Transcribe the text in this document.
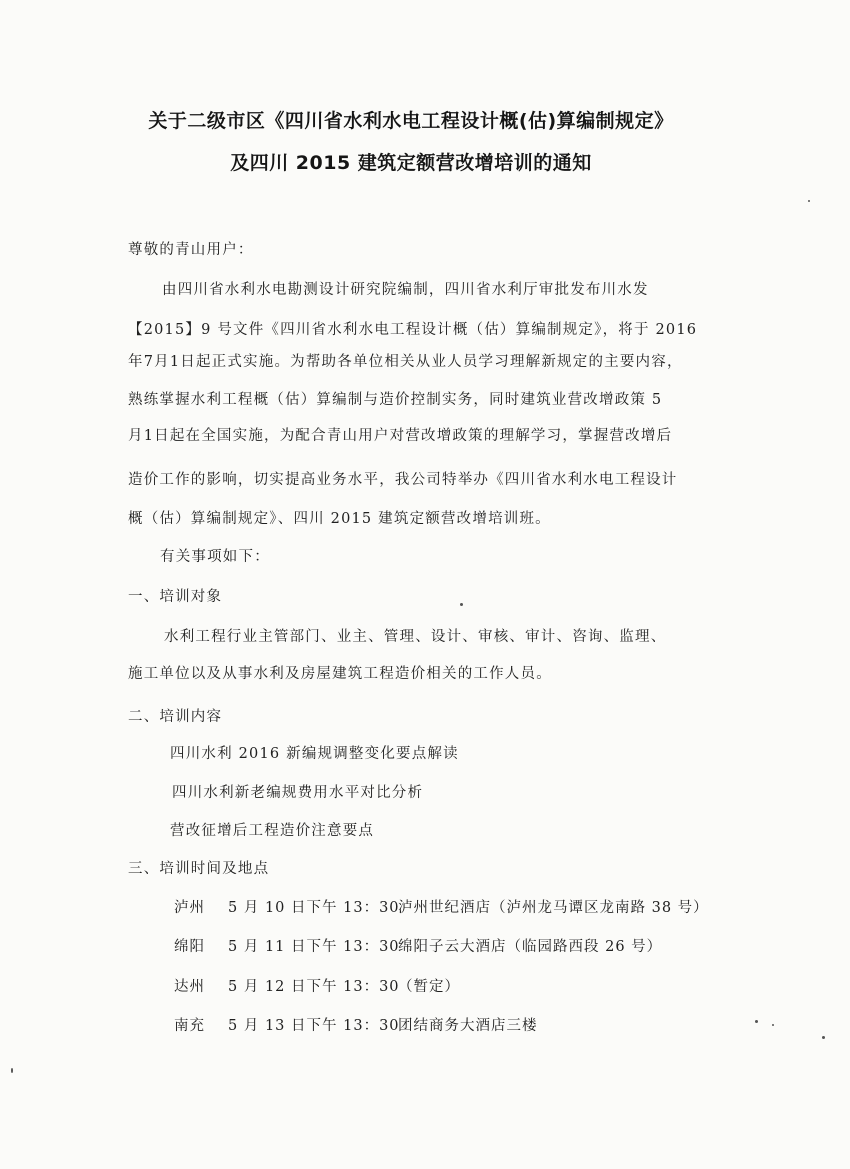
关于二级市区《四川省水利水电工程设计概(估)算编制规定》
及四川 2015 建筑定额营改增培训的通知
尊敬的青山用户：
由四川省水利水电勘测设计研究院编制，四川省水利厅审批发布川水发
【2015】9 号文件《四川省水利水电工程设计概（估）算编制规定》，将于 2016
年7月1日起正式实施。为帮助各单位相关从业人员学习理解新规定的主要内容，
熟练掌握水利工程概（估）算编制与造价控制实务，同时建筑业营改增政策 5
月1日起在全国实施，为配合青山用户对营改增政策的理解学习，掌握营改增后
造价工作的影响，切实提高业务水平，我公司特举办《四川省水利水电工程设计
概（估）算编制规定》、四川 2015 建筑定额营改增培训班。
有关事项如下：
一、培训对象
水利工程行业主管部门、业主、管理、设计、审核、审计、咨询、监理、
施工单位以及从事水利及房屋建筑工程造价相关的工作人员。
二、培训内容
四川水利 2016 新编规调整变化要点解读
四川水利新老编规费用水平对比分析
营改征增后工程造价注意要点
三、培训时间及地点
泸州 5 月 10 日下午 13：30泸州世纪酒店（泸州龙马谭区龙南路 38 号）
绵阳 5 月 11 日下午 13：30绵阳子云大酒店（临园路西段 26 号）
达州 5 月 12 日下午 13：30（暂定）
南充 5 月 13 日下午 13：30团结商务大酒店三楼
